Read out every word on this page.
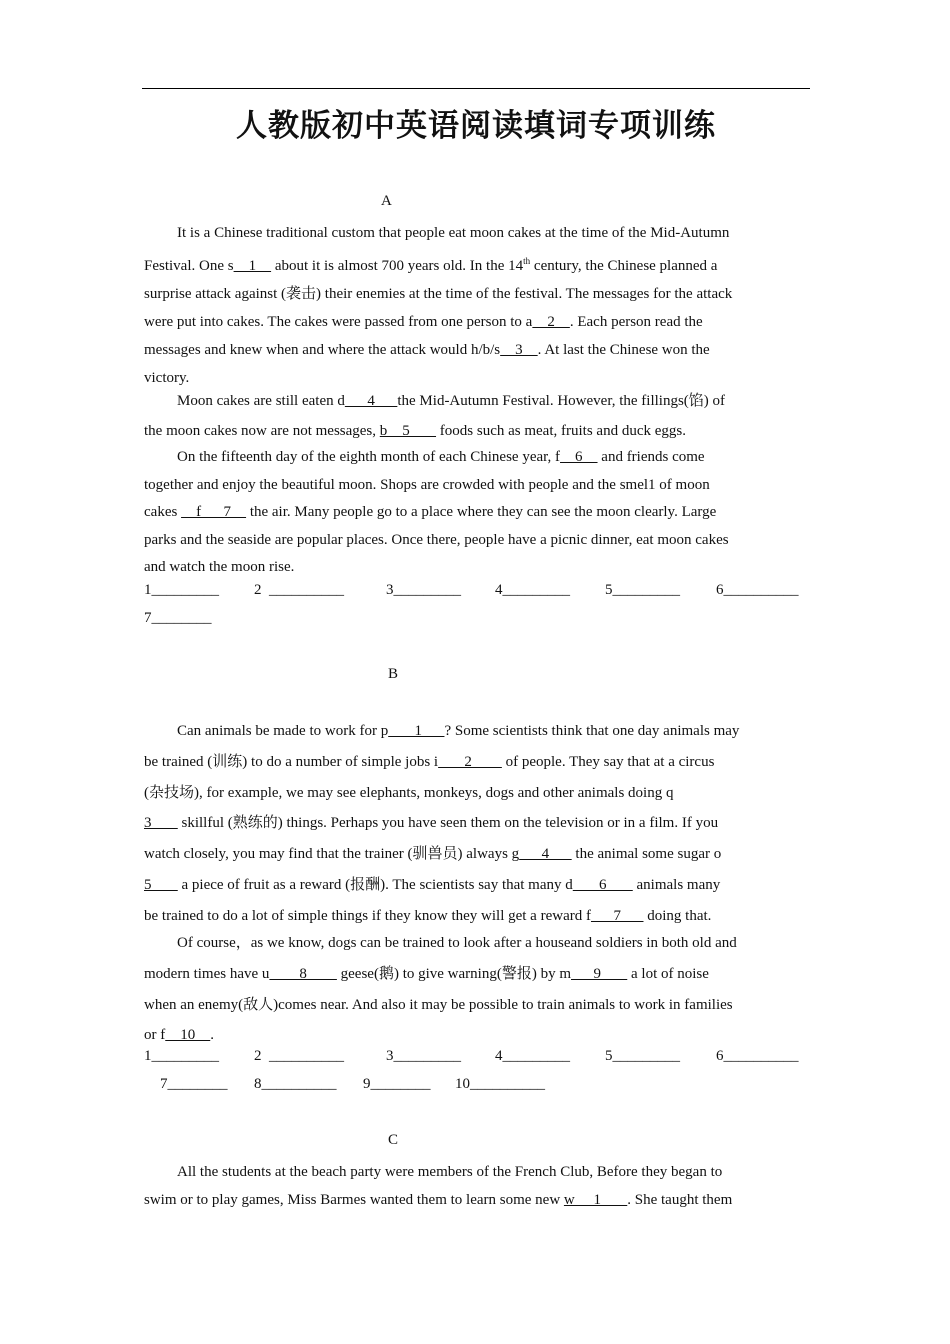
人教版初中英语阅读填词专项训练
A
It is a Chinese traditional custom that people eat moon cakes at the time of the Mid-Autumn
Festival. One s    1     about it is almost 700 years old. In the 14th century, the Chinese planned a
surprise attack against (袭击) their enemies at the time of the festival. The messages for the attack
were put into cakes. The cakes were passed from one person to a    2    . Each person read the
messages and knew when and where the attack would h/b/s    3    . At last the Chinese won the
victory.
Moon cakes are still eaten d      4      the Mid-Autumn Festival. However, the fillings(馅) of
the moon cakes now are not messages, b    5        foods such as meat, fruits and duck eggs.
On the fifteenth day of the eighth month of each Chinese year, f    6     and friends come
together and enjoy the beautiful moon. Shops are crowded with people and the smel1 of moon
cakes     f      7     the air. Many people go to a place where they can see the moon clearly. Large
parks and the seaside are popular places. Once there, people have a picnic dinner, eat moon cakes
and watch the moon rise.
1_________ 2  __________	3_________ 4_________ 5_________ 6__________
7________
B
Can animals be made to work for p       1      ? Some scientists think that one day animals may
be trained (训练) to do a number of simple jobs i       2         of people. They say that at a circus
(杂技场), for example, we may see elephants, monkeys, dogs and other animals doing q
3        skillful (熟练的) things. Perhaps you have seen them on the television or in a film. If you
watch closely, you may find that the trainer (驯兽员) always g      4       the animal some sugar o
5        a piece of fruit as a reward (报酬). The scientists say that many d       6        animals many
be trained to do a lot of simple things if they know they will get a reward f      7       doing that.
Of course，as we know, dogs can be trained to look after a houseand soldiers in both old and
modern times have u        8         geese(鹅) to give warning(警报) by m      9        a lot of noise
when an enemy(敌人)comes near. And also it may be possible to train animals to work in families
or f    10    .
1_________ 2  __________	3_________ 4_________ 5_________ 6__________
7________ 8__________ 9________ 10__________
C
All the students at the beach party were members of the French Club, Before they began to
swim or to play games, Miss Barmes wanted them to learn some new w     1       . She taught them
